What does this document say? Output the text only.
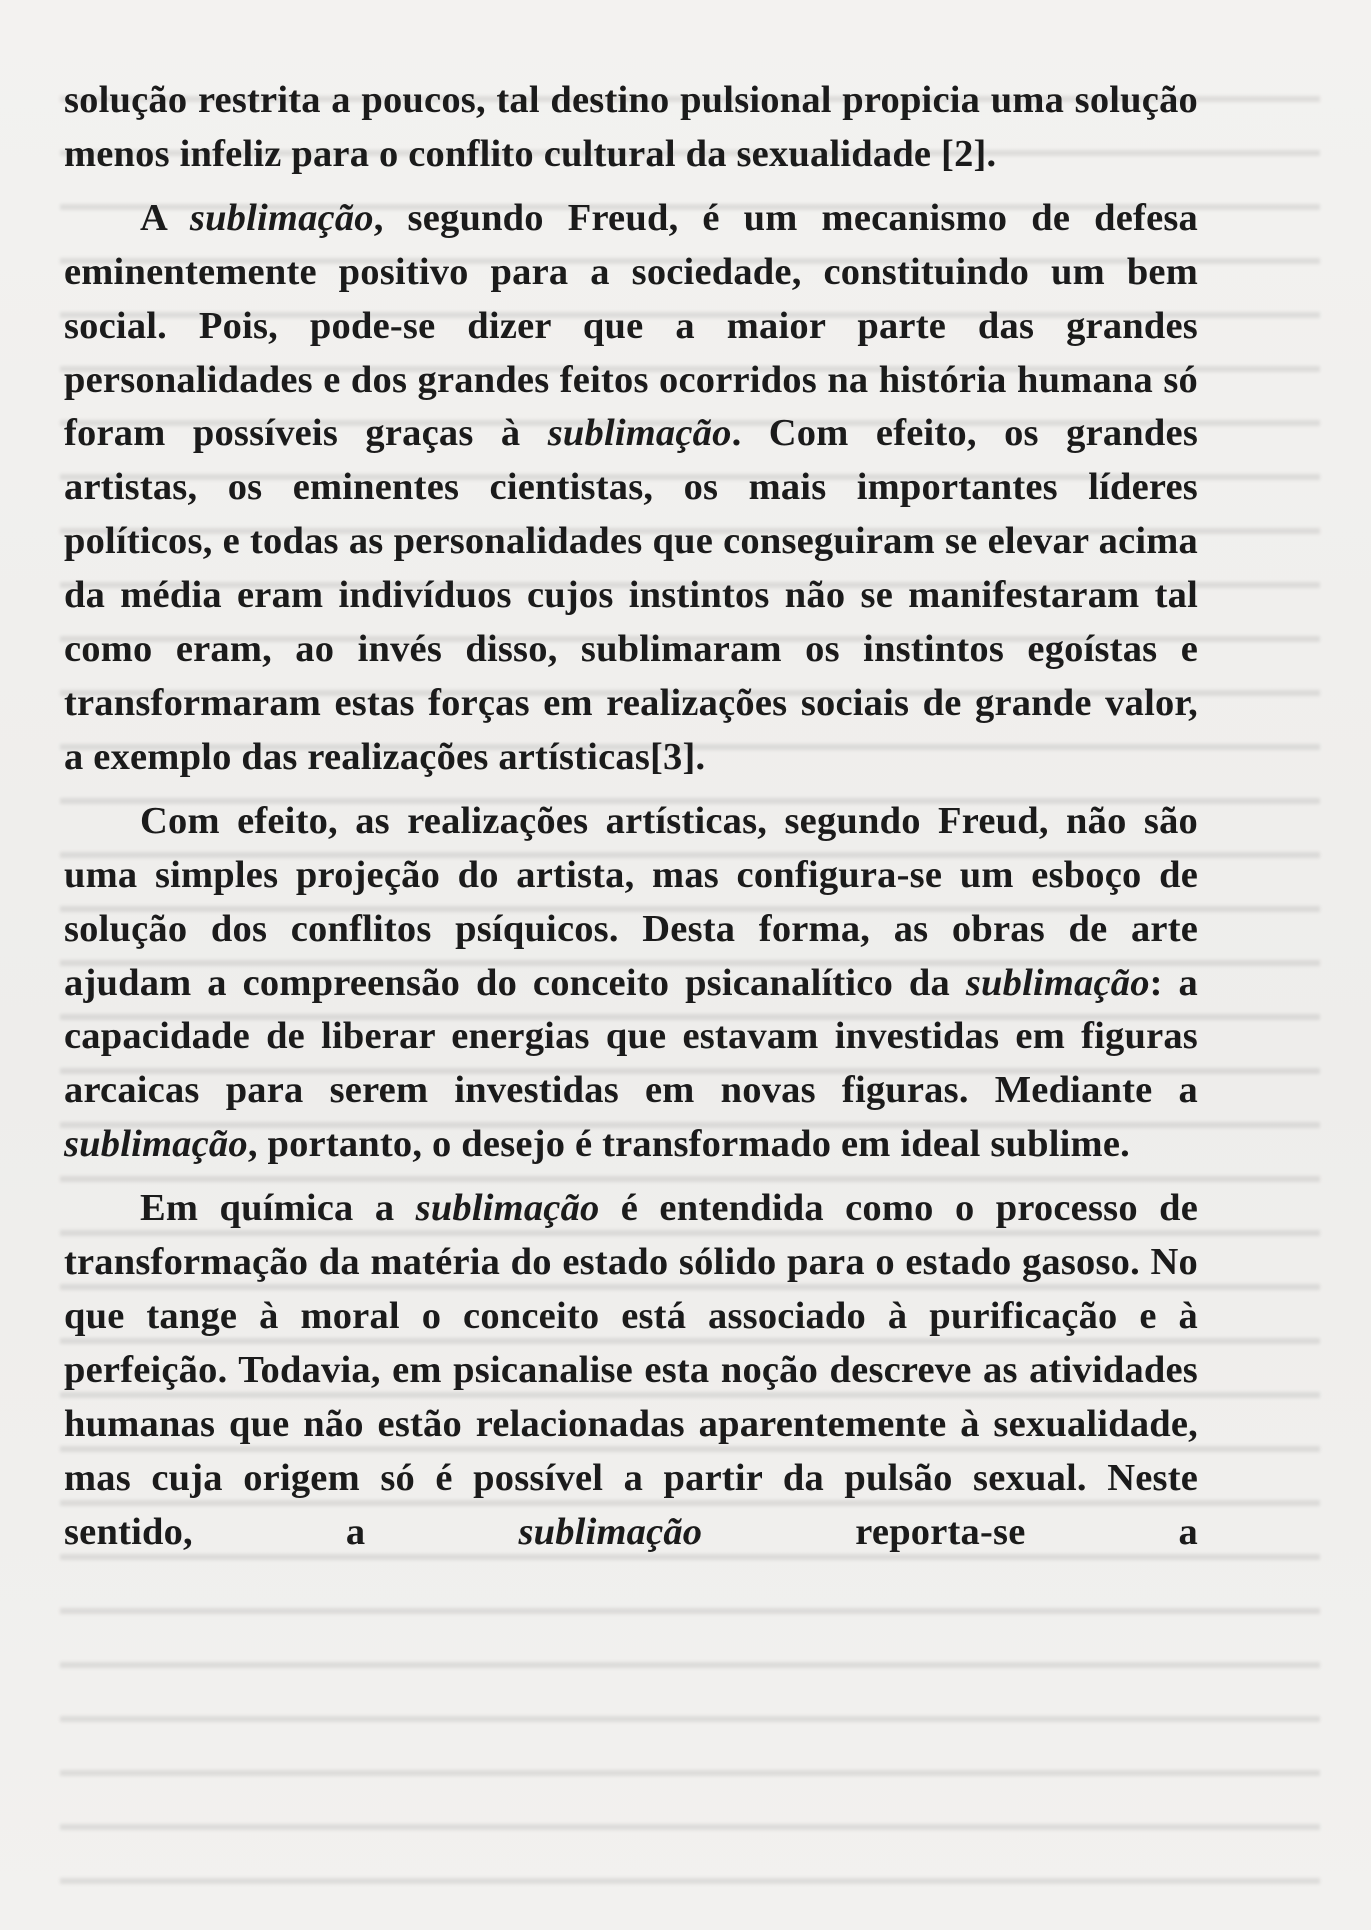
solução restrita a poucos, tal destino pulsional propicia uma solução menos infeliz para o conflito cultural da sexualidade [2].

A sublimação, segundo Freud, é um mecanismo de defesa eminentemente positivo para a sociedade, constituindo um bem social. Pois, pode-se dizer que a maior parte das grandes personalidades e dos grandes feitos ocorridos na história humana só foram possíveis graças à sublimação. Com efeito, os grandes artistas, os eminentes cientistas, os mais importantes líderes políticos, e todas as personalidades que conseguiram se elevar acima da média eram indivíduos cujos instintos não se manifestaram tal como eram, ao invés disso, sublimaram os instintos egoístas e transformaram estas forças em realizações sociais de grande valor, a exemplo das realizações artísticas[3].

Com efeito, as realizações artísticas, segundo Freud, não são uma simples projeção do artista, mas configura-se um esboço de solução dos conflitos psíquicos. Desta forma, as obras de arte ajudam a compreensão do conceito psicanalítico da sublimação: a capacidade de liberar energias que estavam investidas em figuras arcaicas para serem investidas em novas figuras. Mediante a sublimação, portanto, o desejo é transformado em ideal sublime.

Em química a sublimação é entendida como o processo de transformação da matéria do estado sólido para o estado gasoso. No que tange à moral o conceito está associado à purificação e à perfeição. Todavia, em psicanalise esta noção descreve as atividades humanas que não estão relacionadas aparentemente à sexualidade, mas cuja origem só é possível a partir da pulsão sexual. Neste sentido, a sublimação reporta-se a
